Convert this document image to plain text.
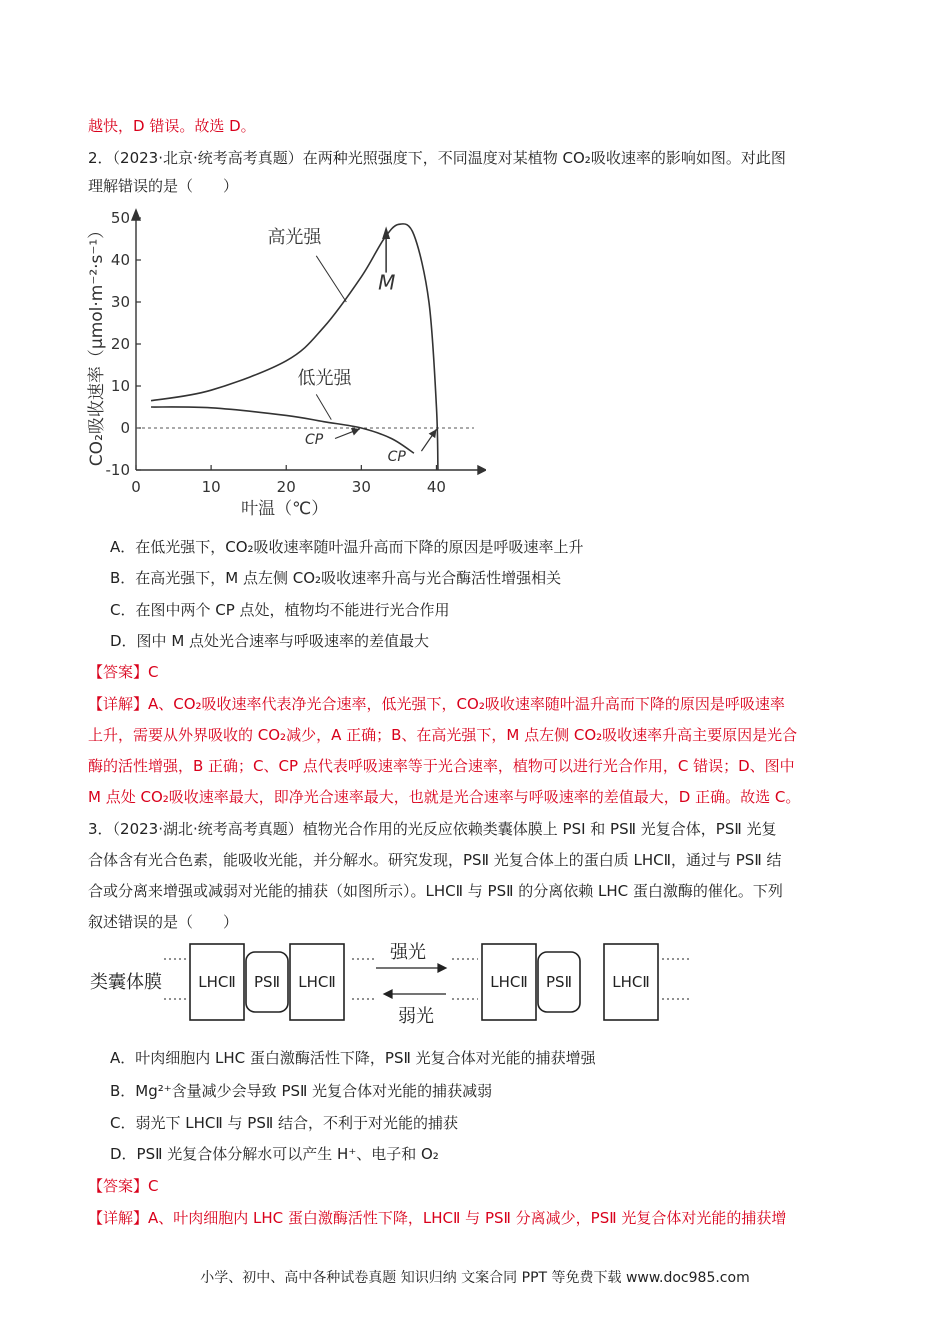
越快，D 错误。故选 D。
2．（2023·北京·统考高考真题）在两种光照强度下，不同温度对某植物 CO₂吸收速率的影响如图。对此图
理解错误的是（　　）
0	10	20	30	40
50
40
30
20
10
0
-10
高光强
低光强
M
CP
CP
CO₂吸收速率（μmol·m⁻²·s⁻¹）
叶温（℃）
A．在低光强下，CO₂吸收速率随叶温升高而下降的原因是呼吸速率上升
B．在高光强下，M 点左侧 CO₂吸收速率升高与光合酶活性增强相关
C．在图中两个 CP 点处，植物均不能进行光合作用
D．图中 M 点处光合速率与呼吸速率的差值最大
【答案】C
【详解】A、CO₂吸收速率代表净光合速率，低光强下，CO₂吸收速率随叶温升高而下降的原因是呼吸速率
上升，需要从外界吸收的 CO₂减少，A 正确；B、在高光强下，M 点左侧 CO₂吸收速率升高主要原因是光合
酶的活性增强，B 正确；C、CP 点代表呼吸速率等于光合速率，植物可以进行光合作用，C 错误；D、图中
M 点处 CO₂吸收速率最大，即净光合速率最大，也就是光合速率与呼吸速率的差值最大，D 正确。故选 C。
3．（2023·湖北·统考高考真题）植物光合作用的光反应依赖类囊体膜上 PSⅠ 和 PSⅡ 光复合体，PSⅡ 光复
合体含有光合色素，能吸收光能，并分解水。研究发现，PSⅡ 光复合体上的蛋白质 LHCⅡ，通过与 PSⅡ 结
合或分离来增强或减弱对光能的捕获（如图所示）。LHCⅡ 与 PSⅡ 的分离依赖 LHC 蛋白激酶的催化。下列
叙述错误的是（　　）
类囊体膜 LHCⅡ PSⅡ LHCⅡ	LHCⅡ PSⅡ	LHCⅡ
强光
弱光
A．叶肉细胞内 LHC 蛋白激酶活性下降，PSⅡ 光复合体对光能的捕获增强
B．Mg²⁺含量减少会导致 PSⅡ 光复合体对光能的捕获减弱
C．弱光下 LHCⅡ 与 PSⅡ 结合，不利于对光能的捕获
D．PSⅡ 光复合体分解水可以产生 H⁺、电子和 O₂
【答案】C
【详解】A、叶肉细胞内 LHC 蛋白激酶活性下降，LHCⅡ 与 PSⅡ 分离减少，PSⅡ 光复合体对光能的捕获增
小学、初中、高中各种试卷真题 知识归纳 文案合同 PPT 等免费下载 www.doc985.com
